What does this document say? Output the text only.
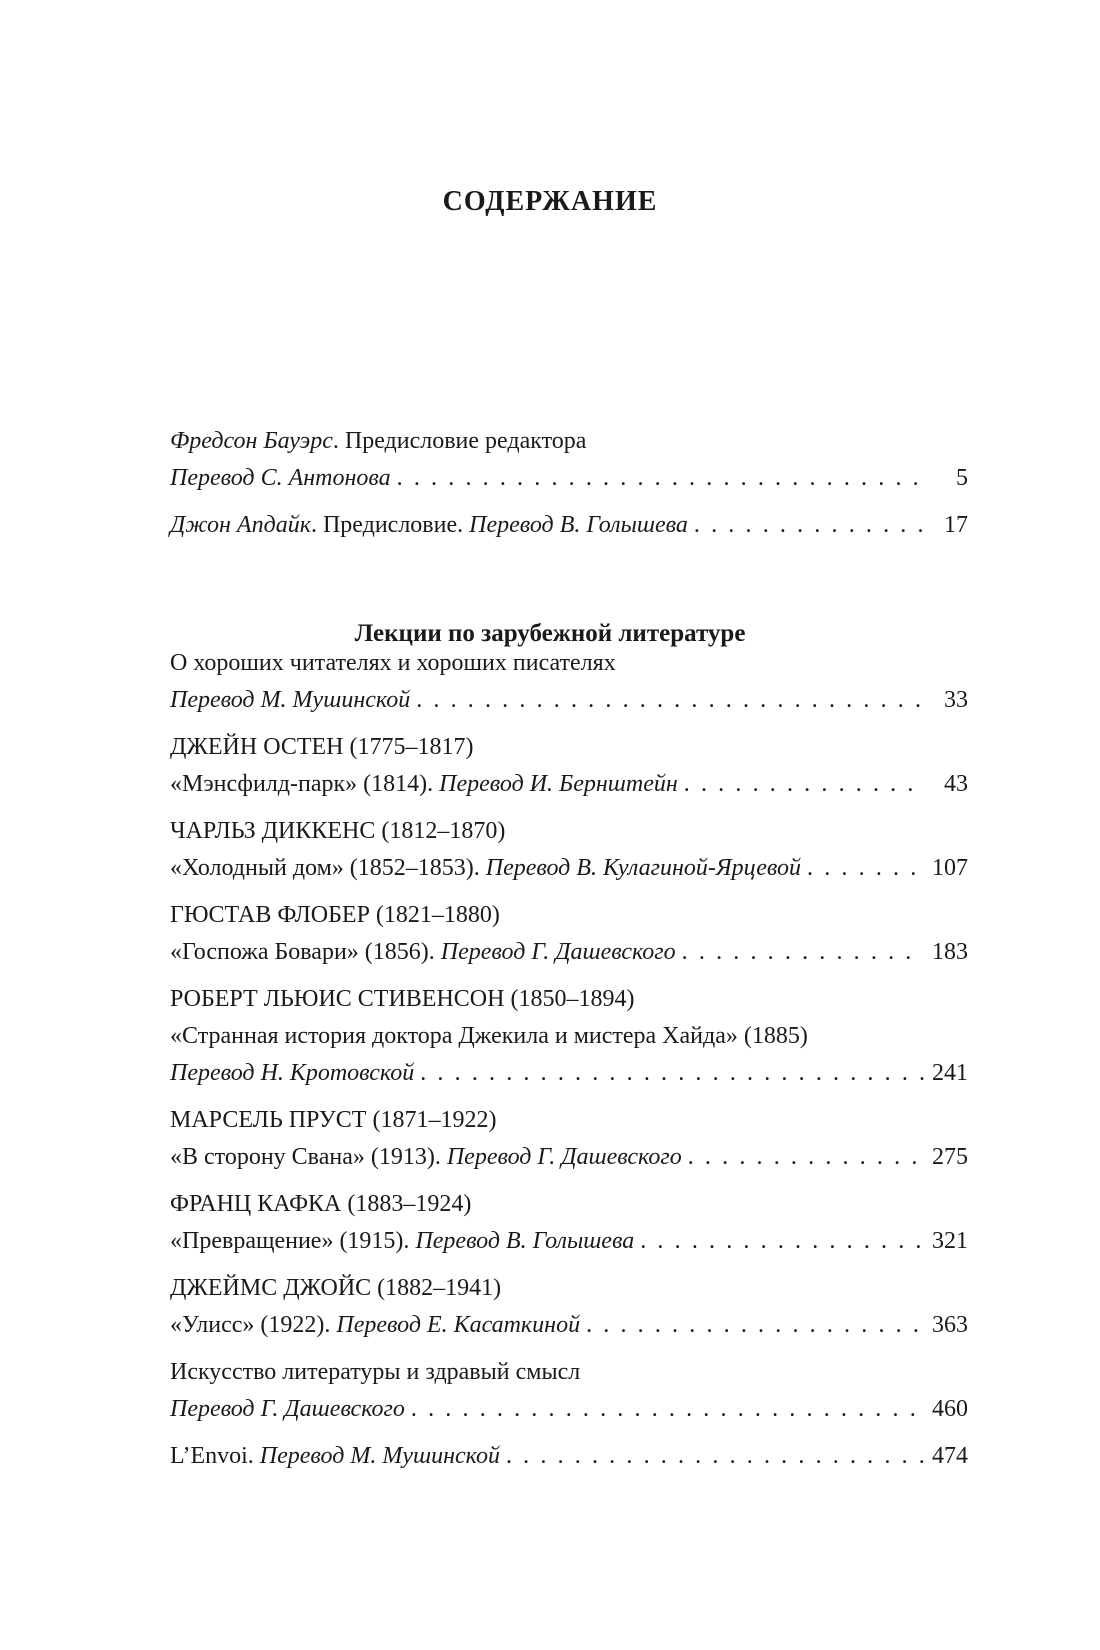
СОДЕРЖАНИЕ
Фредсон Бауэрс. Предисловие редактора
Перевод С. Антонова . . .	5
Джон Апдайк. Предисловие. Перевод В. Голышева . . .	17
Лекции по зарубежной литературе
О хороших читателях и хороших писателях
Перевод М. Мушинской . . .	33
ДЖЕЙН ОСТЕН (1775–1817)
«Мэнсфилд-парк» (1814). Перевод И. Бернштейн . . .	43
ЧАРЛЬЗ ДИККЕНС (1812–1870)
«Холодный дом» (1852–1853). Перевод В. Кулагиной-Ярцевой . . .	107
ГЮСТАВ ФЛОБЕР (1821–1880)
«Госпожа Бовари» (1856). Перевод Г. Дашевского . . .	183
РОБЕРТ ЛЬЮИС СТИВЕНСОН (1850–1894)
«Странная история доктора Джекила и мистера Хайда» (1885)
Перевод Н. Кротовской . . .	241
МАРСЕЛЬ ПРУСТ (1871–1922)
«В сторону Свана» (1913). Перевод Г. Дашевского . . .	275
ФРАНЦ КАФКА (1883–1924)
«Превращение» (1915). Перевод В. Голышева . . .	321
ДЖЕЙМС ДЖОЙС (1882–1941)
«Улисс» (1922). Перевод Е. Касаткиной . . .	363
Искусство литературы и здравый смысл
Перевод Г. Дашевского . . .	460
L’Envoi. Перевод М. Мушинской . . .	474
